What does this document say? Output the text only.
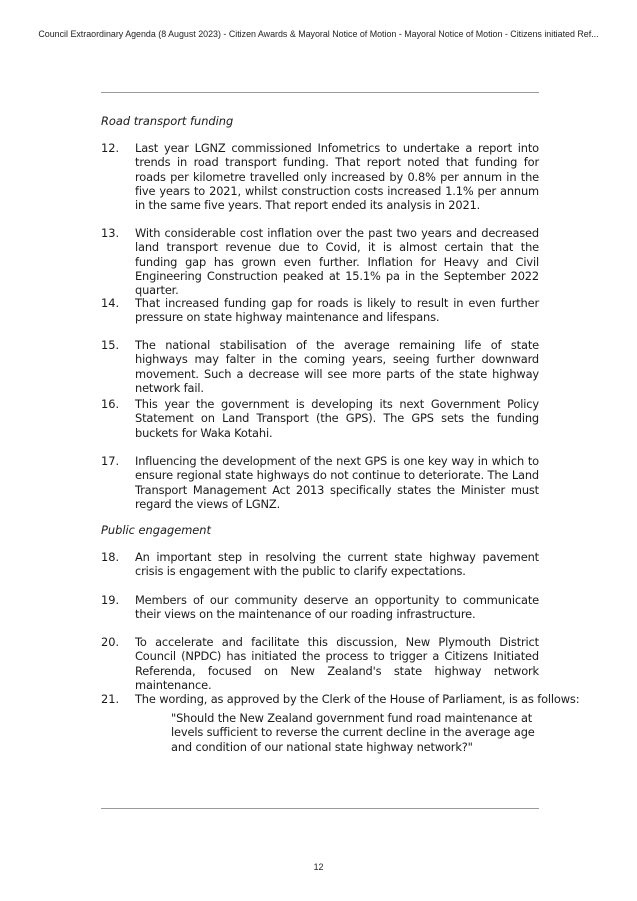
Council Extraordinary Agenda (8 August 2023) - Citizen Awards & Mayoral Notice of Motion - Mayoral Notice of Motion - Citizens initiated Ref...
Road transport funding
12. Last year LGNZ commissioned Infometrics to undertake a report into trends in road transport funding. That report noted that funding for roads per kilometre travelled only increased by 0.8% per annum in the five years to 2021, whilst construction costs increased 1.1% per annum in the same five years. That report ended its analysis in 2021.
13. With considerable cost inflation over the past two years and decreased land transport revenue due to Covid, it is almost certain that the funding gap has grown even further. Inflation for Heavy and Civil Engineering Construction peaked at 15.1% pa in the September 2022 quarter.
14. That increased funding gap for roads is likely to result in even further pressure on state highway maintenance and lifespans.
15. The national stabilisation of the average remaining life of state highways may falter in the coming years, seeing further downward movement. Such a decrease will see more parts of the state highway network fail.
16. This year the government is developing its next Government Policy Statement on Land Transport (the GPS). The GPS sets the funding buckets for Waka Kotahi.
17. Influencing the development of the next GPS is one key way in which to ensure regional state highways do not continue to deteriorate. The Land Transport Management Act 2013 specifically states the Minister must regard the views of LGNZ.
Public engagement
18. An important step in resolving the current state highway pavement crisis is engagement with the public to clarify expectations.
19. Members of our community deserve an opportunity to communicate their views on the maintenance of our roading infrastructure.
20. To accelerate and facilitate this discussion, New Plymouth District Council (NPDC) has initiated the process to trigger a Citizens Initiated Referenda, focused on New Zealand's state highway network maintenance.
21. The wording, as approved by the Clerk of the House of Parliament, is as follows:
"Should the New Zealand government fund road maintenance at levels sufficient to reverse the current decline in the average age and condition of our national state highway network?"
12
